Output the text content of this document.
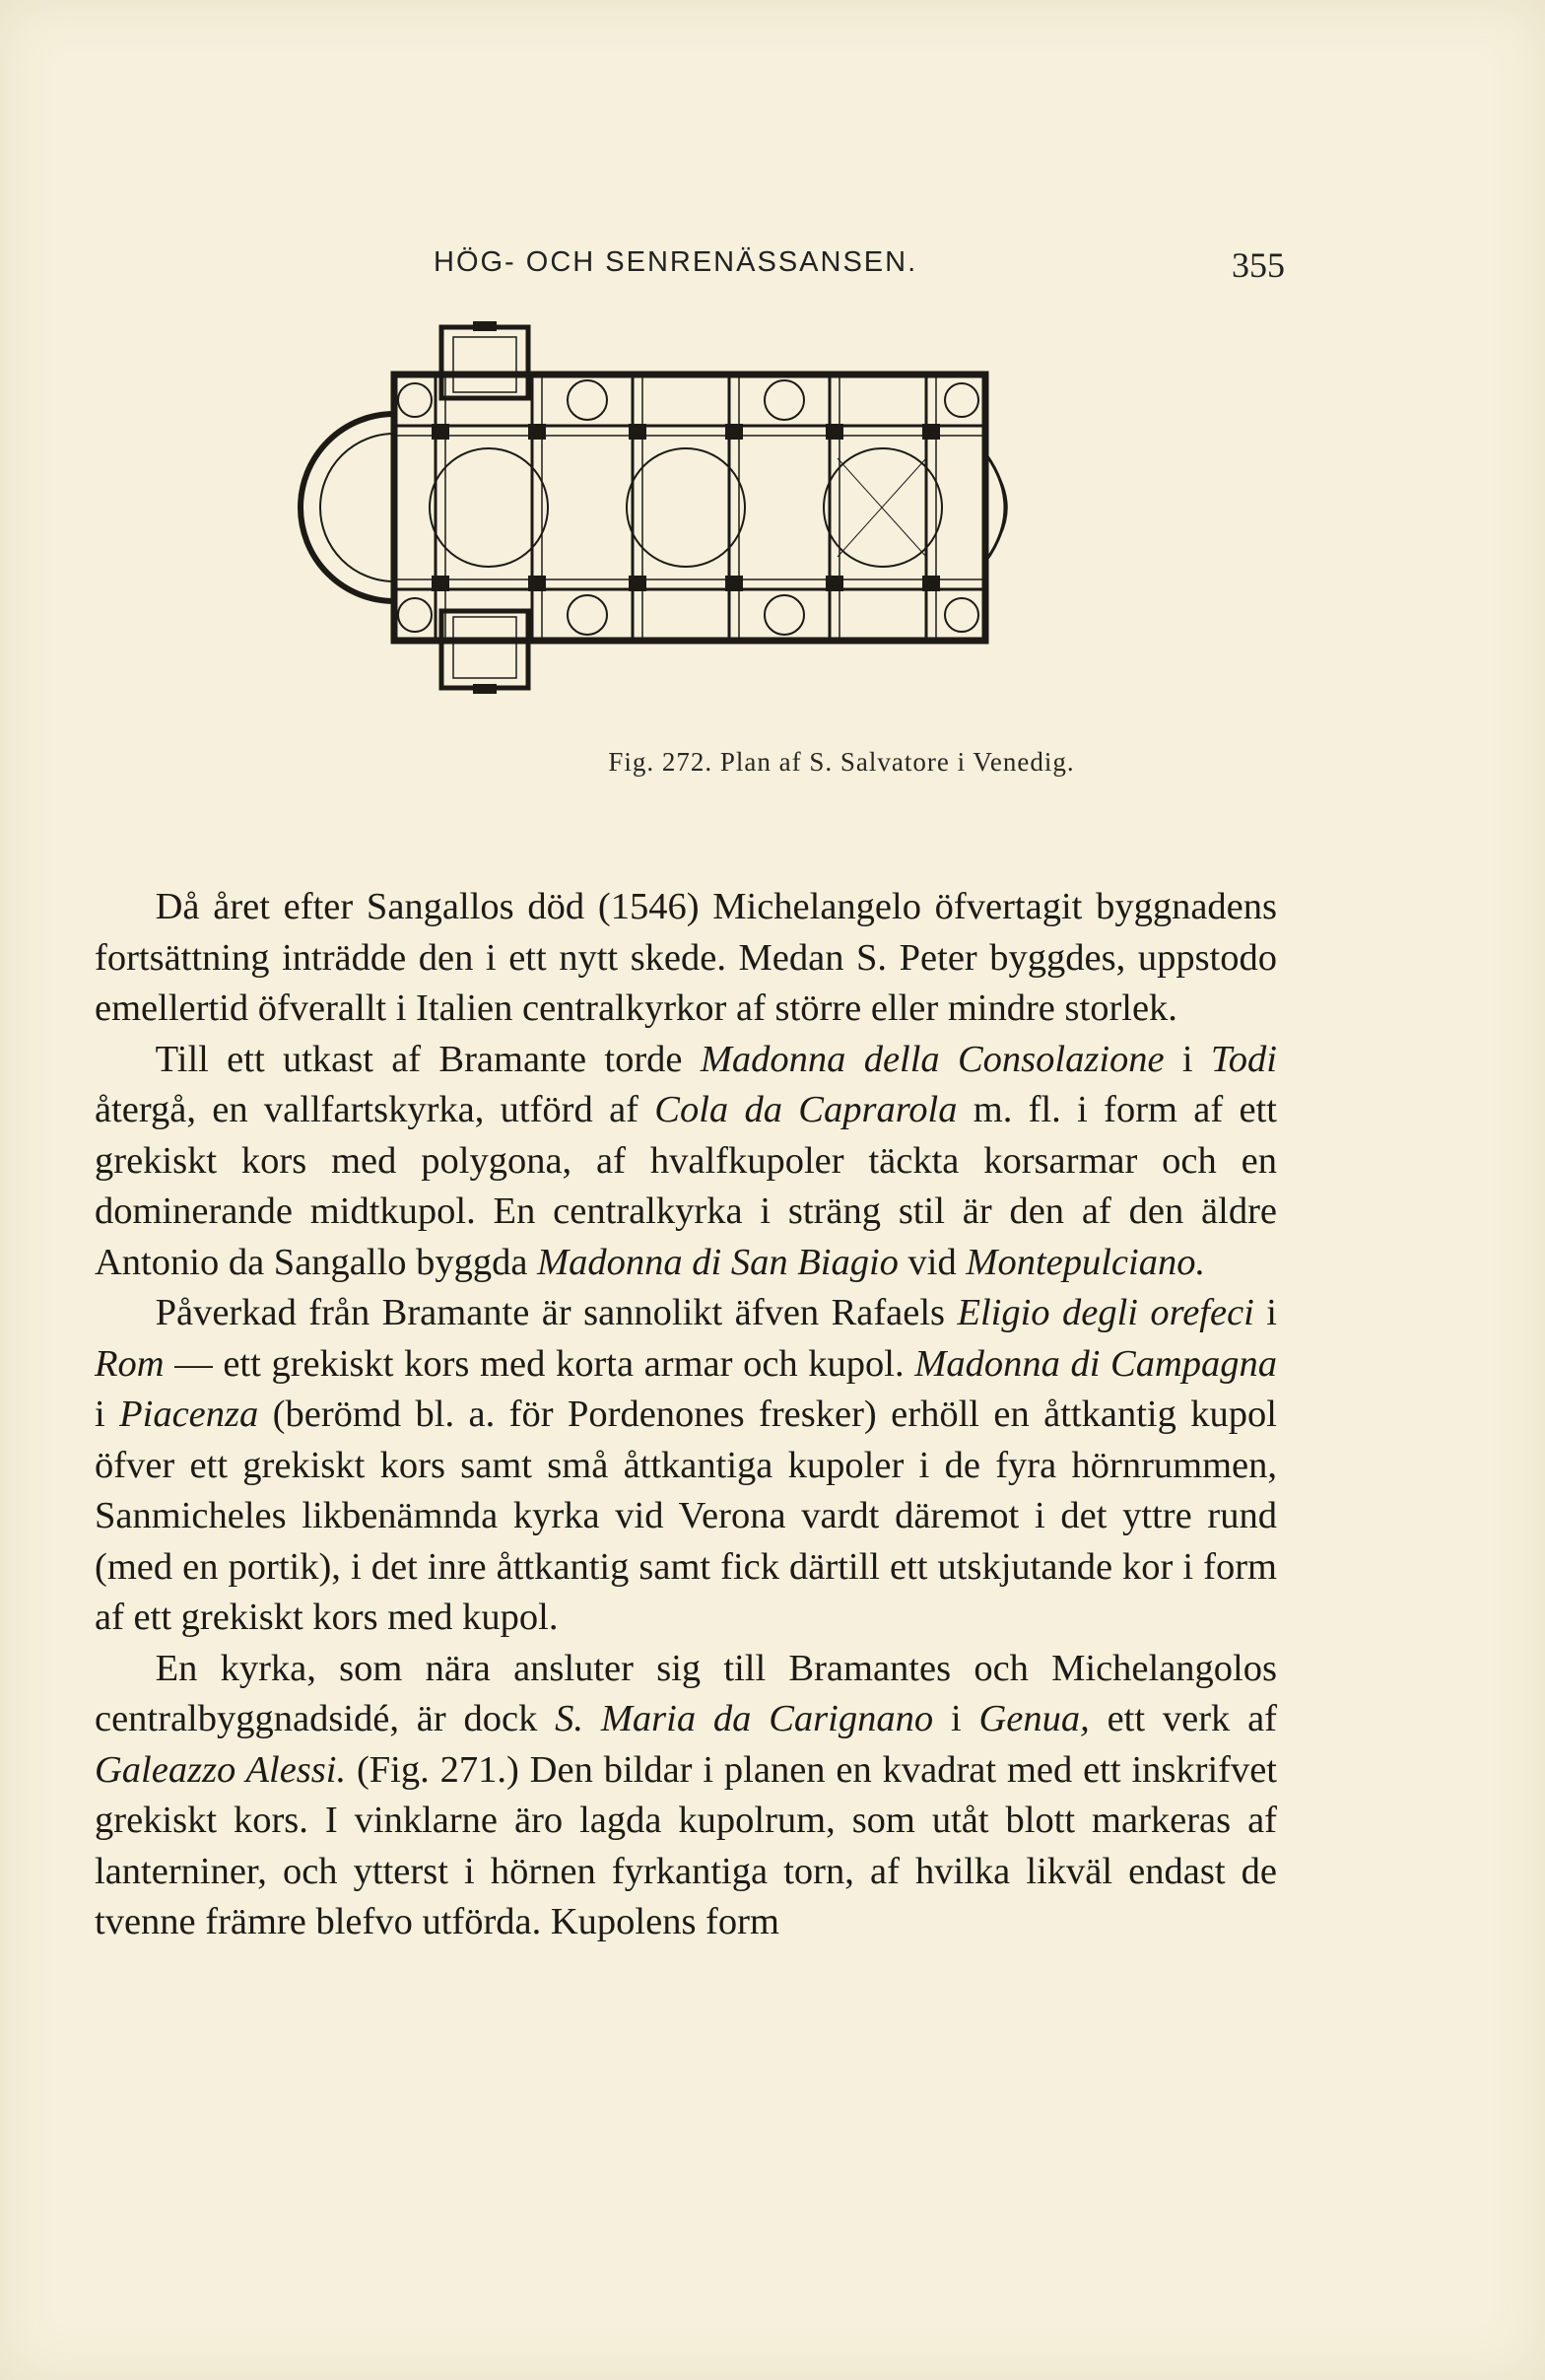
HÖG- OCH SENRENÄSSANSEN.	355
Fig. 272. Plan af S. Salvatore i Venedig.

Då året efter Sangallos död (1546) Michelangelo öfvertagit byggnadens fortsättning inträdde den i ett nytt skede. Medan S. Peter byggdes, uppstodo emellertid öfverallt i Italien centralkyrkor af större eller mindre storlek.

Till ett utkast af Bramante torde Madonna della Consolazione i Todi återgå, en vallfartskyrka, utförd af Cola da Caprarola m. fl. i form af ett grekiskt kors med polygona, af hvalfkupoler täckta korsarmar och en dominerande midtkupol. En centralkyrka i sträng stil är den af den äldre Antonio da Sangallo byggda Madonna di San Biagio vid Montepulciano.

Påverkad från Bramante är sannolikt äfven Rafaels Eligio degli orefeci i Rom — ett grekiskt kors med korta armar och kupol. Madonna di Campagna i Piacenza (berömd bl. a. för Pordenones fresker) erhöll en åttkantig kupol öfver ett grekiskt kors samt små åttkantiga kupoler i de fyra hörnrummen, Sanmicheles likbenämnda kyrka vid Verona vardt däremot i det yttre rund (med en portik), i det inre åttkantig samt fick därtill ett utskjutande kor i form af ett grekiskt kors med kupol.

En kyrka, som nära ansluter sig till Bramantes och Michelangolos centralbyggnadsidé, är dock S. Maria da Carignano i Genua, ett verk af Galeazzo Alessi. (Fig. 271.) Den bildar i planen en kvadrat med ett inskrifvet grekiskt kors. I vinklarne äro lagda kupolrum, som utåt blott markeras af lanterniner, och ytterst i hörnen fyrkantiga torn, af hvilka likväl endast de tvenne främre blefvo utförda. Kupolens form
